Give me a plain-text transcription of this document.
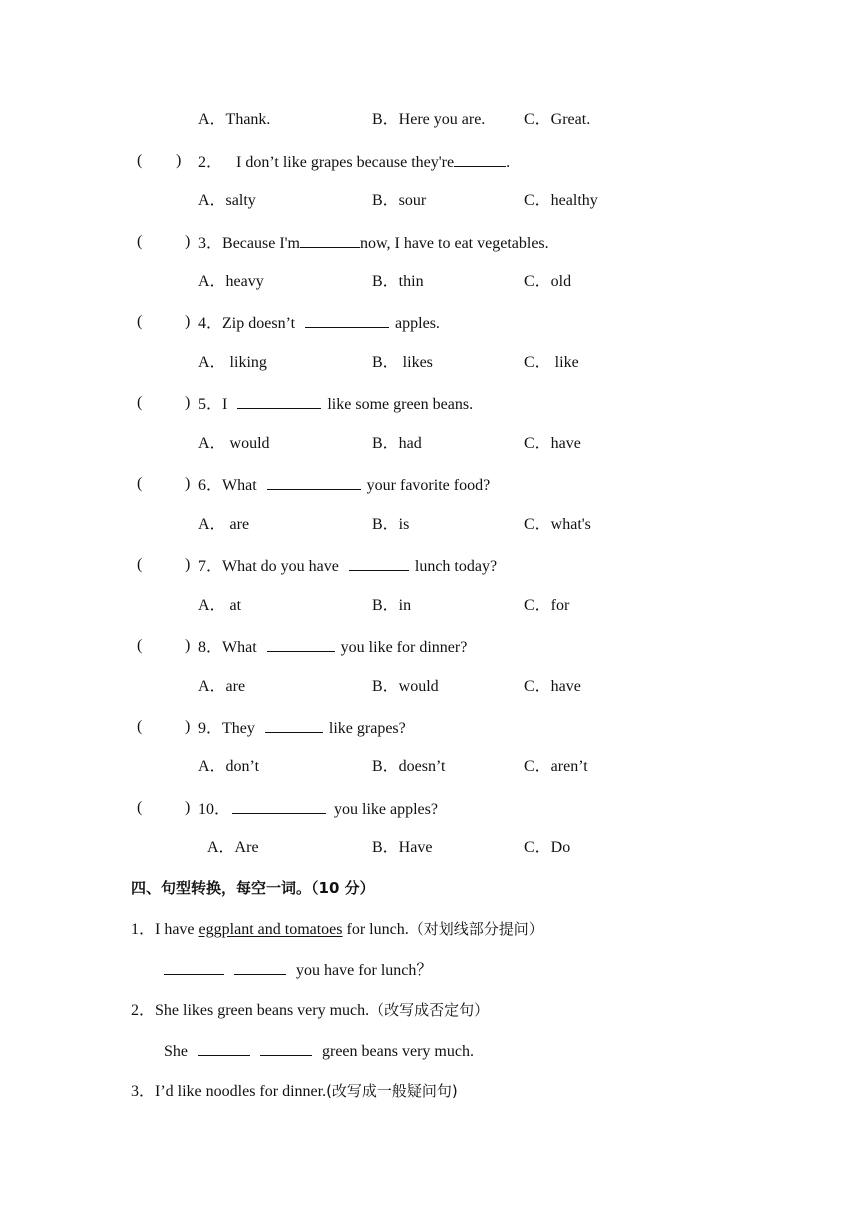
A．Thank.	B．Here you are. C．Great.
( ) 2． I don’t like grapes because they're	.
A．salty	B．sour	C．healthy
(	) 3．Because I'm	now, I have to eat vegetables.
A．heavy	B．thin	C．old
(	) 4．Zip doesn’t	apples.
A． liking	B． likes	C． like
(	) 5．I	like some green beans.
A． would	B．had	C．have
(	) 6．What	your favorite food?
A． are	B．is	C．what's
(	) 7．What do you have	lunch today?
A． at	B．in	C．for
(	) 8．What	you like for dinner?
A．are	B．would	C．have
(	) 9．They	like grapes?
A．don’t	B．doesn’t	C．aren’t
(	) 10．	you like apples?
A．Are	B．Have	C．Do
四、句型转换，每空一词。（10 分）
1．I have eggplant and tomatoes for lunch.（对划线部分提问）
you have for lunch？
2．She likes green beans very much.（改写成否定句）
She	green beans very much.
3．I’d like noodles for dinner.(改写成一般疑问句)
